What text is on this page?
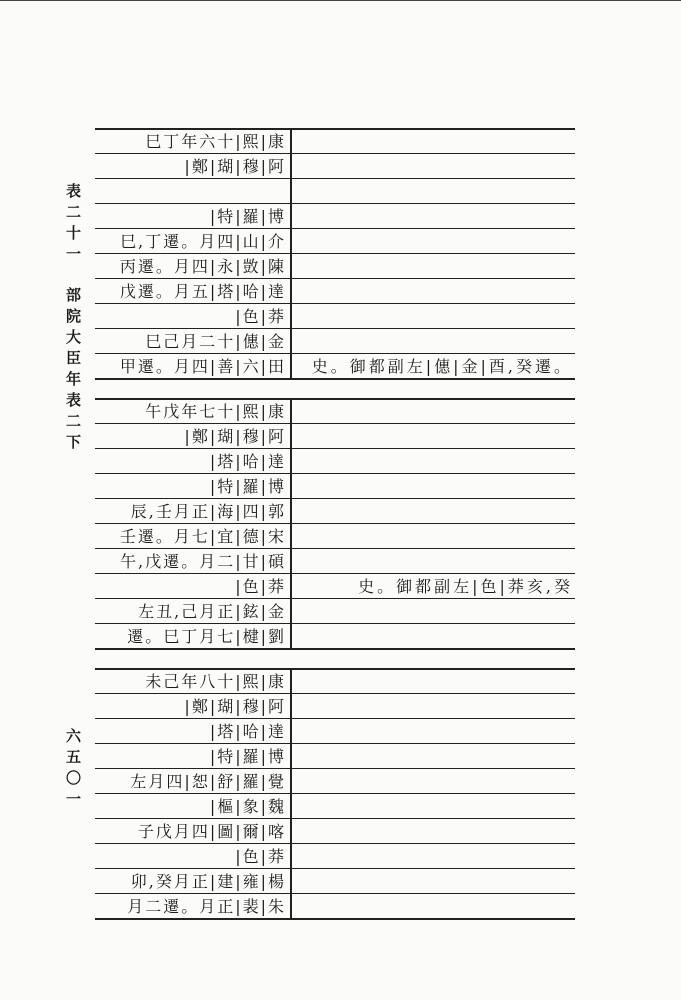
表二十一
部院大臣年表二下
六五〇一
巳丁年六十|熙|康
|鄭|瑚|穆|阿
|特|羅|博
巳,丁遷。月四|山|介
丙遷。月四|永|敳|陳
戊遷。月五|塔|哈|達
|色|莽
巳己月二十|僡|金
甲遷。月四|善|六|田	史。御都副左|僡|金|酉,癸遷。
午戊年七十|熙|康
|鄭|瑚|穆|阿
|塔|哈|達
|特|羅|博
辰,壬月正|海|四|郭
壬遷。月七|宜|德|宋
午,戊遷。月二|甘|碩
|色|莽	史。御都副左|色|莽亥,癸
左丑,己月正|鉉|金
遷。巳丁月七|楗|劉
未己年八十|熙|康
|鄭|瑚|穆|阿
|塔|哈|達
|特|羅|博
左月四|恕|舒|羅|覺
|樞|象|魏
子戊月四|圖|爾|喀
|色|莽
卯,癸月正|建|雍|楊
月二遷。月正|裴|朱
